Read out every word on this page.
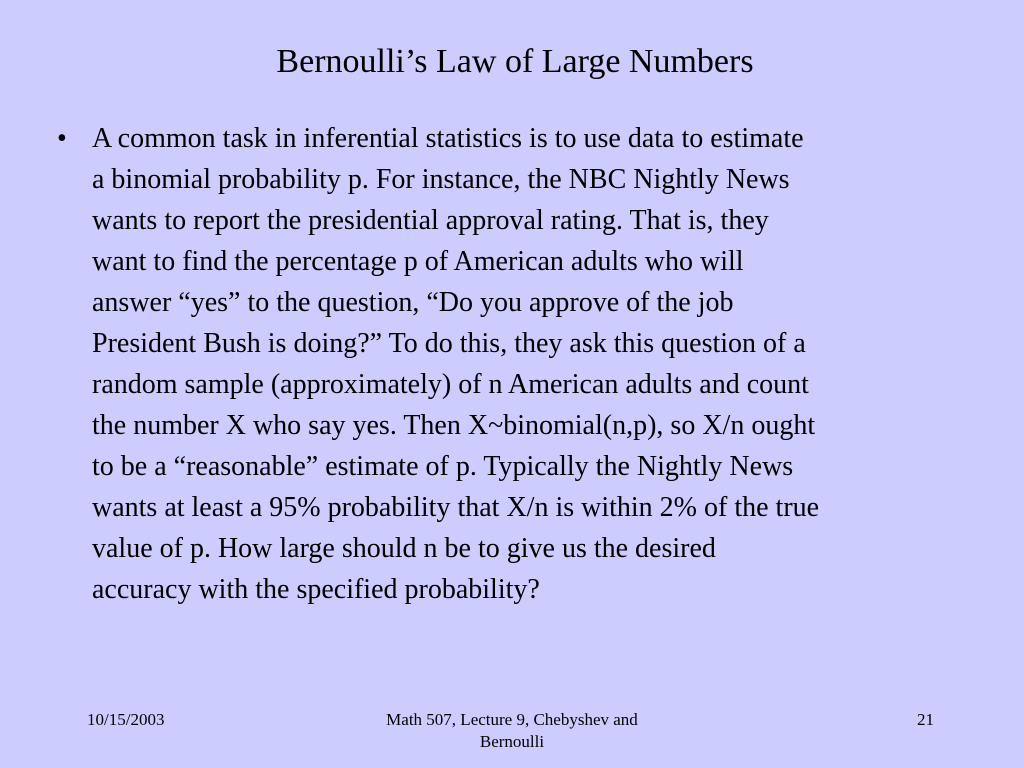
Bernoulli’s Law of Large Numbers
• A common task in inferential statistics is to use data to estimate
a binomial probability p. For instance, the NBC Nightly News
wants to report the presidential approval rating. That is, they
want to find the percentage p of American adults who will
answer “yes” to the question, “Do you approve of the job
President Bush is doing?” To do this, they ask this question of a
random sample (approximately) of n American adults and count
the number X who say yes. Then X~binomial(n,p), so X/n ought
to be a “reasonable” estimate of p. Typically the Nightly News
wants at least a 95% probability that X/n is within 2% of the true
value of p. How large should n be to give us the desired
accuracy with the specified probability?
10/15/2003	Math 507, Lecture 9, Chebyshev and
Bernoulli
21
